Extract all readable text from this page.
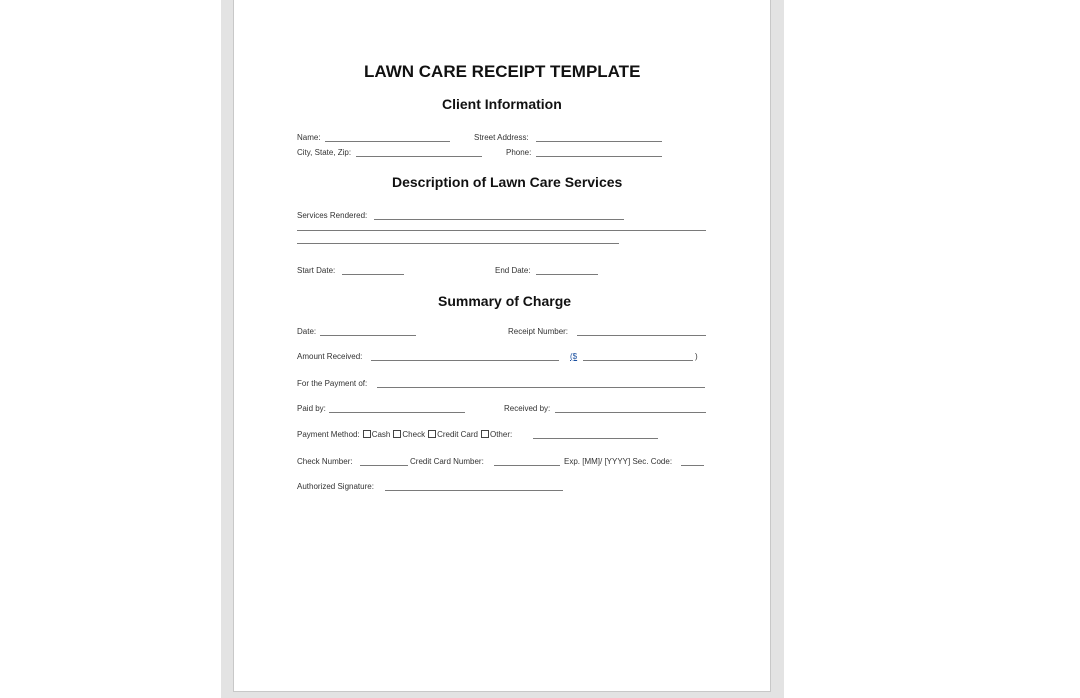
LAWN CARE RECEIPT TEMPLATE
Client Information
Name:	Street Address:
City, State, Zip:	Phone:
Description of Lawn Care Services
Services Rendered:
Start Date:	End Date:
Summary of Charge
Date:	Receipt Number:
Amount Received:	($	)
For the Payment of:
Paid by:	Received by:
Payment Method: Cash Check Credit Card Other:
Check Number:	Credit Card Number:	Exp. [MM]/ [YYYY] Sec. Code:
Authorized Signature:
